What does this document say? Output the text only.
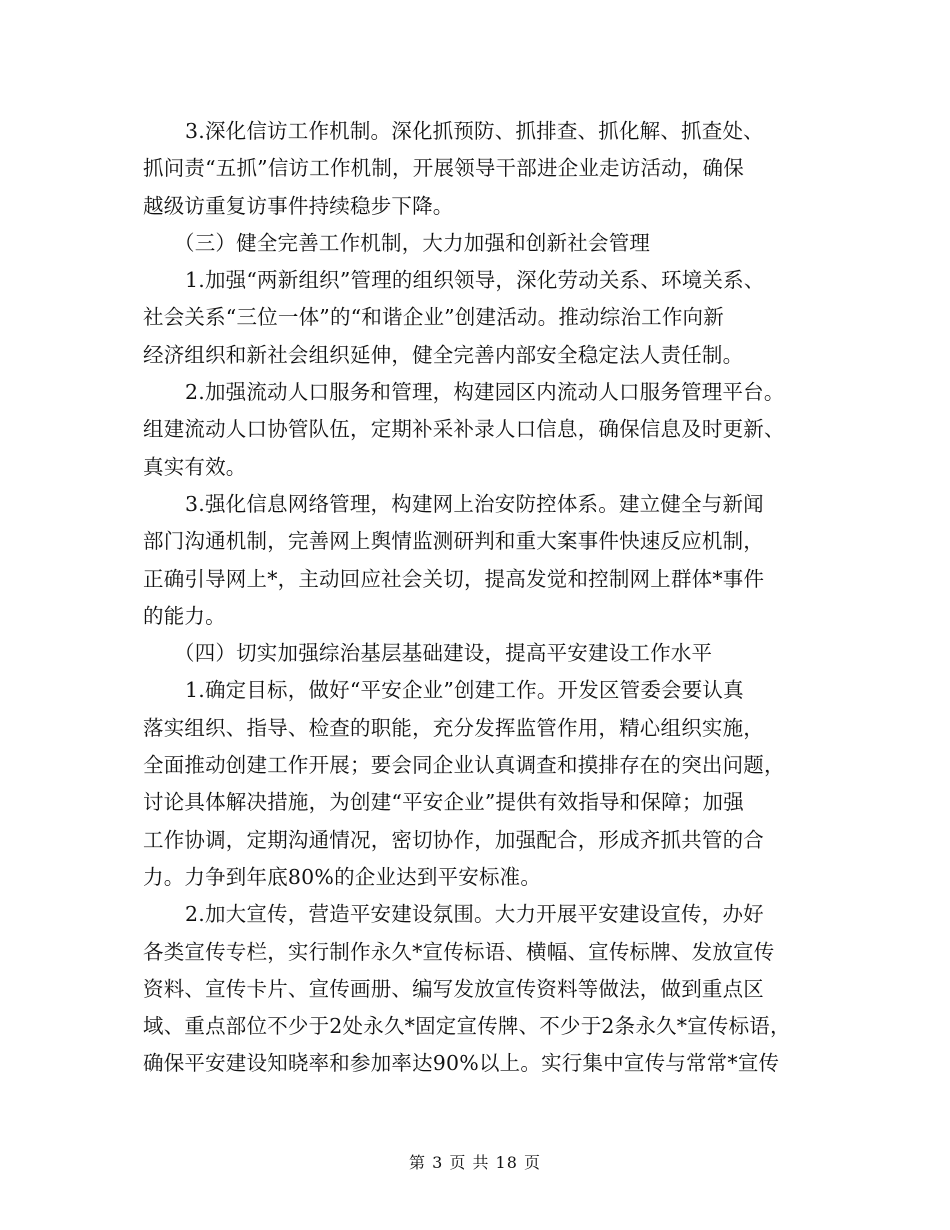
3.深化信访工作机制。深化抓预防、抓排查、抓化解、抓查处、
抓问责“五抓”信访工作机制，开展领导干部进企业走访活动，确保
越级访重复访事件持续稳步下降。
（三）健全完善工作机制，大力加强和创新社会管理
1.加强“两新组织”管理的组织领导，深化劳动关系、环境关系、
社会关系“三位一体”的“和谐企业”创建活动。推动综治工作向新
经济组织和新社会组织延伸，健全完善内部安全稳定法人责任制。
2.加强流动人口服务和管理，构建园区内流动人口服务管理平台。
组建流动人口协管队伍，定期补采补录人口信息，确保信息及时更新、
真实有效。
3.强化信息网络管理，构建网上治安防控体系。建立健全与新闻
部门沟通机制，完善网上舆情监测研判和重大案事件快速反应机制，
正确引导网上*，主动回应社会关切，提高发觉和控制网上群体*事件
的能力。
（四）切实加强综治基层基础建设，提高平安建设工作水平
1.确定目标，做好“平安企业”创建工作。开发区管委会要认真
落实组织、指导、检查的职能，充分发挥监管作用，精心组织实施，
全面推动创建工作开展；要会同企业认真调查和摸排存在的突出问题，
讨论具体解决措施，为创建“平安企业”提供有效指导和保障；加强
工作协调，定期沟通情况，密切协作，加强配合，形成齐抓共管的合
力。力争到年底80%的企业达到平安标准。
2.加大宣传，营造平安建设氛围。大力开展平安建设宣传，办好
各类宣传专栏，实行制作永久*宣传标语、横幅、宣传标牌、发放宣传
资料、宣传卡片、宣传画册、编写发放宣传资料等做法，做到重点区
域、重点部位不少于2处永久*固定宣传牌、不少于2条永久*宣传标语，
确保平安建设知晓率和参加率达90%以上。实行集中宣传与常常*宣传
第 3 页 共 18 页
